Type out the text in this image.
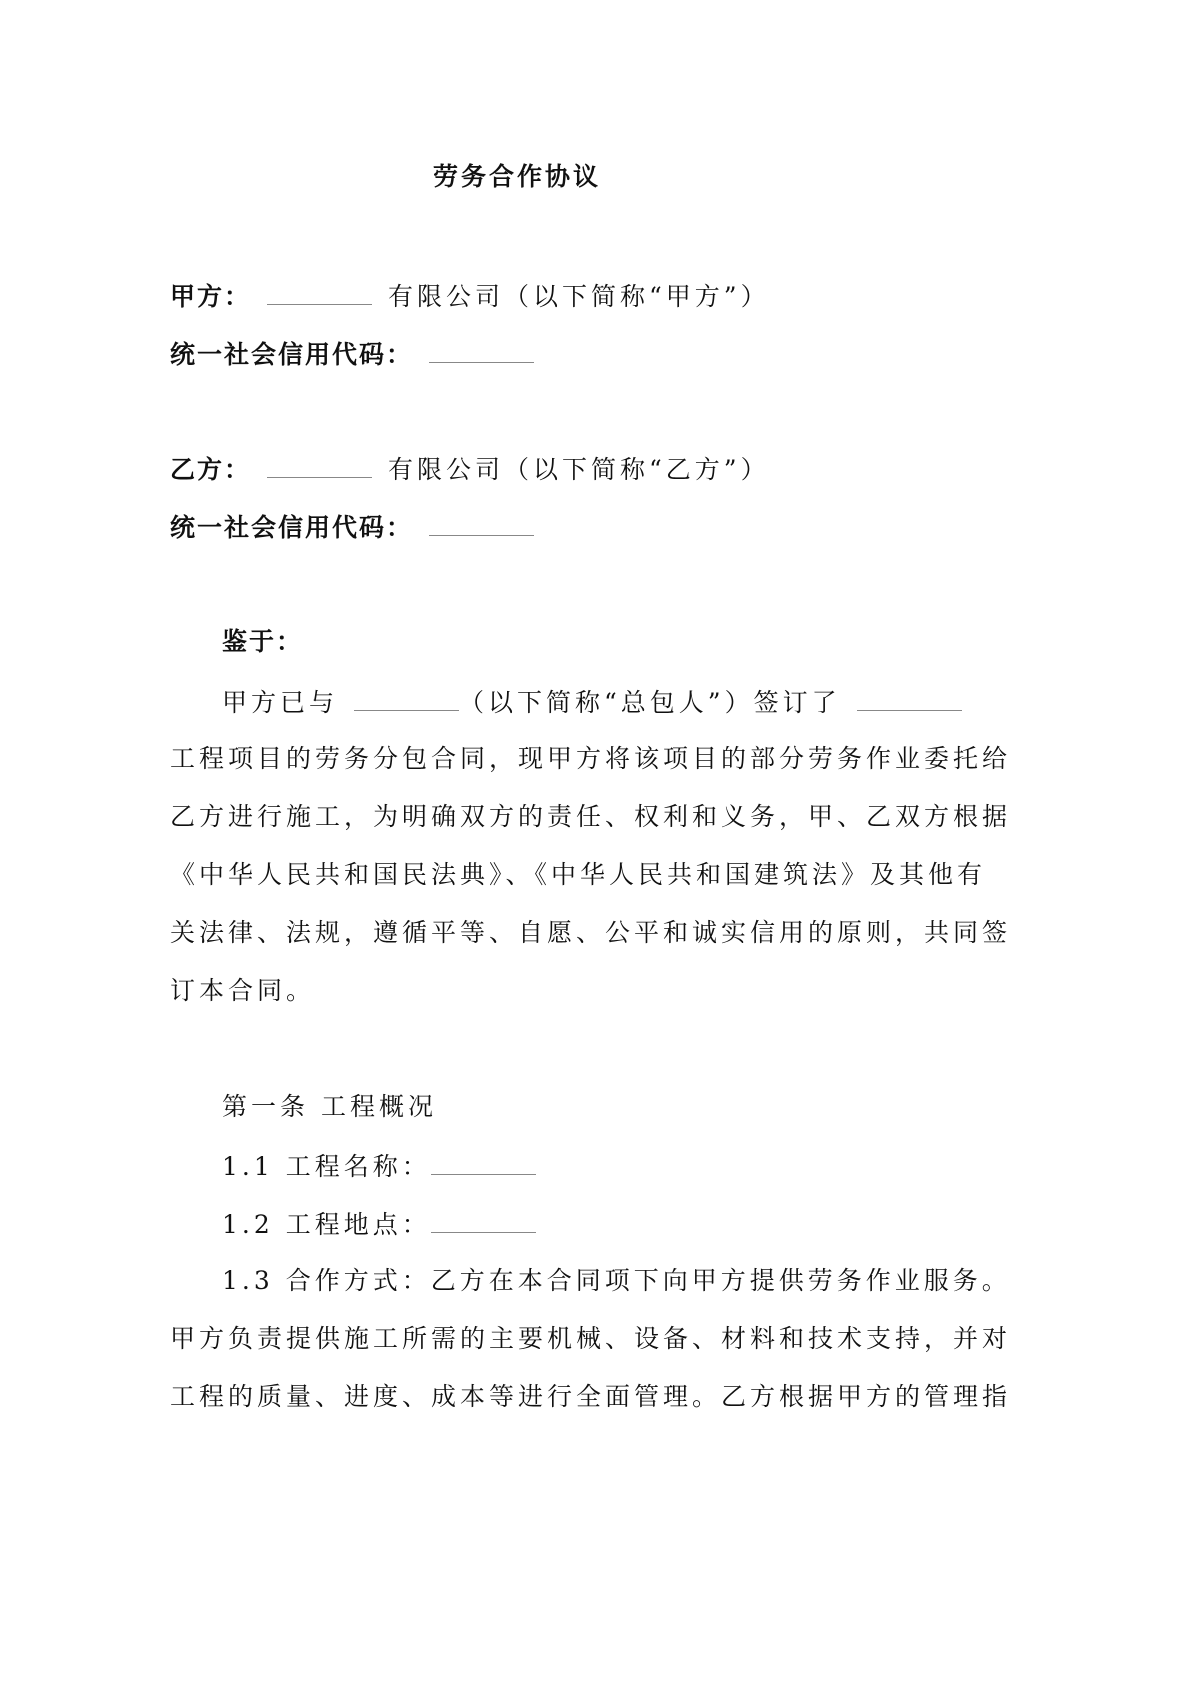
劳务合作协议
甲方：	有限公司（以下简称“甲方”）
统一社会信用代码：
乙方：	有限公司（以下简称“乙方”）
统一社会信用代码：
鉴于：
甲方已与	（以下简称“总包人”）签订了
工程项目的劳务分包合同，现甲方将该项目的部分劳务作业委托给
乙方进行施工，为明确双方的责任、权利和义务，甲、乙双方根据
《中华人民共和国民法典》、《中华人民共和国建筑法》及其他有
关法律、法规，遵循平等、自愿、公平和诚实信用的原则，共同签
订本合同。
第一条 工程概况
1.1 工程名称：
1.2 工程地点：
1.3 合作方式：乙方在本合同项下向甲方提供劳务作业服务。
甲方负责提供施工所需的主要机械、设备、材料和技术支持，并对
工程的质量、进度、成本等进行全面管理。乙方根据甲方的管理指
